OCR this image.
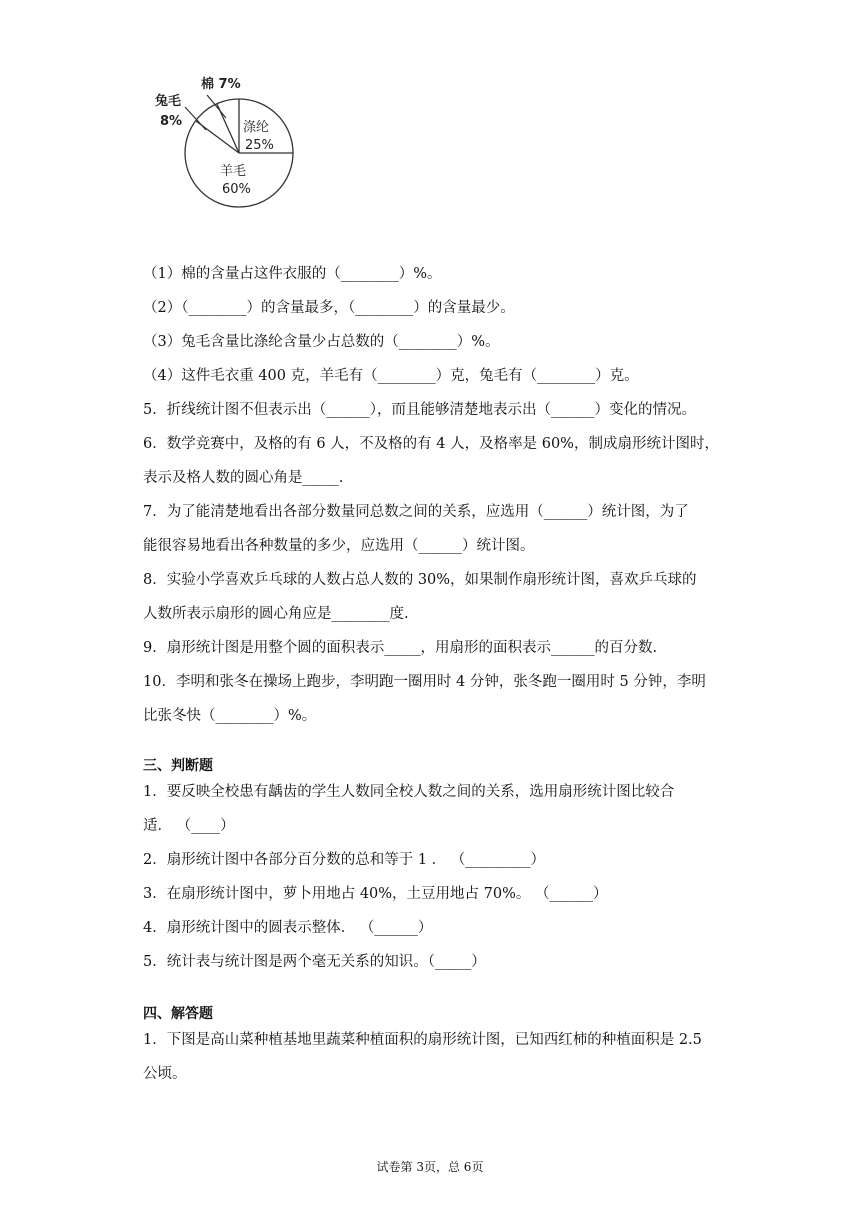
棉 7%
兔毛
8%	涤纶
25%
羊毛
60%
（1）棉的含量占这件衣服的（________）%。
（2）（________）的含量最多，（________）的含量最少。
（3）兔毛含量比涤纶含量少占总数的（________）%。
（4）这件毛衣重 400 克，羊毛有（________）克，兔毛有（________）克。
5．折线统计图不但表示出（______），而且能够清楚地表示出（______）变化的情况。
6．数学竞赛中，及格的有 6 人，不及格的有 4 人，及格率是 60%，制成扇形统计图时，
表示及格人数的圆心角是_____.
7．为了能清楚地看出各部分数量同总数之间的关系，应选用（______）统计图，为了
能很容易地看出各种数量的多少，应选用（______）统计图。
8．实验小学喜欢乒乓球的人数占总人数的 30%，如果制作扇形统计图，喜欢乒乓球的
人数所表示扇形的圆心角应是________度.
9．扇形统计图是用整个圆的面积表示_____，用扇形的面积表示______的百分数.
10．李明和张冬在操场上跑步，李明跑一圈用时 4 分钟，张冬跑一圈用时 5 分钟，李明
比张冬快（________）%。
三、判断题
1．要反映全校患有龋齿的学生人数同全校人数之间的关系，选用扇形统计图比较合
适． （____）
2．扇形统计图中各部分百分数的总和等于 1 ． （_________）
3．在扇形统计图中，萝卜用地占 40%，土豆用地占 70%。 （______）
4．扇形统计图中的圆表示整体． （______）
5．统计表与统计图是两个毫无关系的知识。（_____）
四、解答题
1．下图是高山菜种植基地里蔬菜种植面积的扇形统计图，已知西红柿的种植面积是 2.5
公顷。
试卷第 3页，总 6页
